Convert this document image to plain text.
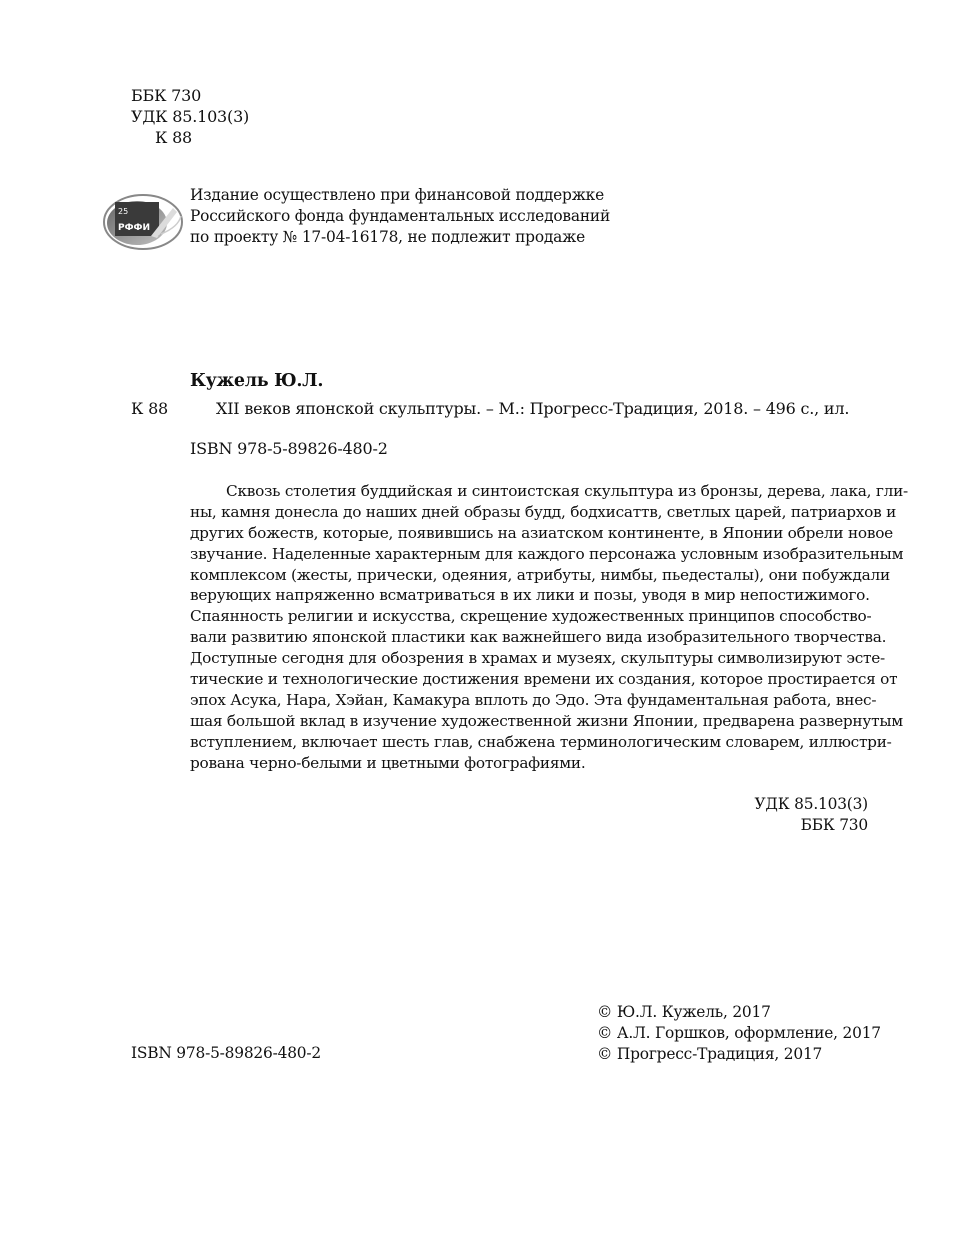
ББК 730
УДК 85.103(3)
К 88
25
РФФИ
Издание осуществлено при финансовой поддержке
Российского фонда фундаментальных исследований
по проекту № 17-04-16178, не подлежит продаже
Кужель Ю.Л.
К 88	XII веков японской скульптуры. – М.: Прогресс-Традиция, 2018. – 496 с., ил.
ISBN 978-5-89826-480-2
Сквозь столетия буддийская и синтоистская скульптура из бронзы, дерева, лака, гли-
ны, камня донесла до наших дней образы будд, бодхисаттв, светлых царей, патриархов и
других божеств, которые, появившись на азиатском континенте, в Японии обрели новое
звучание. Наделенные характерным для каждого персонажа условным изобразительным
комплексом (жесты, прически, одеяния, атрибуты, нимбы, пьедесталы), они побуждали
верующих напряженно всматриваться в их лики и позы, уводя в мир непостижимого.
Спаянность религии и искусства, скрещение художественных принципов способство-
вали развитию японской пластики как важнейшего вида изобразительного творчества.
Доступные сегодня для обозрения в храмах и музеях, скульптуры символизируют эсте-
тические и технологические достижения времени их создания, которое простирается от
эпох Асука, Нара, Хэйан, Камакура вплоть до Эдо. Эта фундаментальная работа, внес-
шая большой вклад в изучение художественной жизни Японии, предварена развернутым
вступлением, включает шесть глав, снабжена терминологическим словарем, иллюстри-
рована черно-белыми и цветными фотографиями.
УДК 85.103(3)
ББК 730
© Ю.Л. Кужель, 2017
© А.Л. Горшков, оформление, 2017
© Прогресс-Традиция, 2017
ISBN 978-5-89826-480-2
